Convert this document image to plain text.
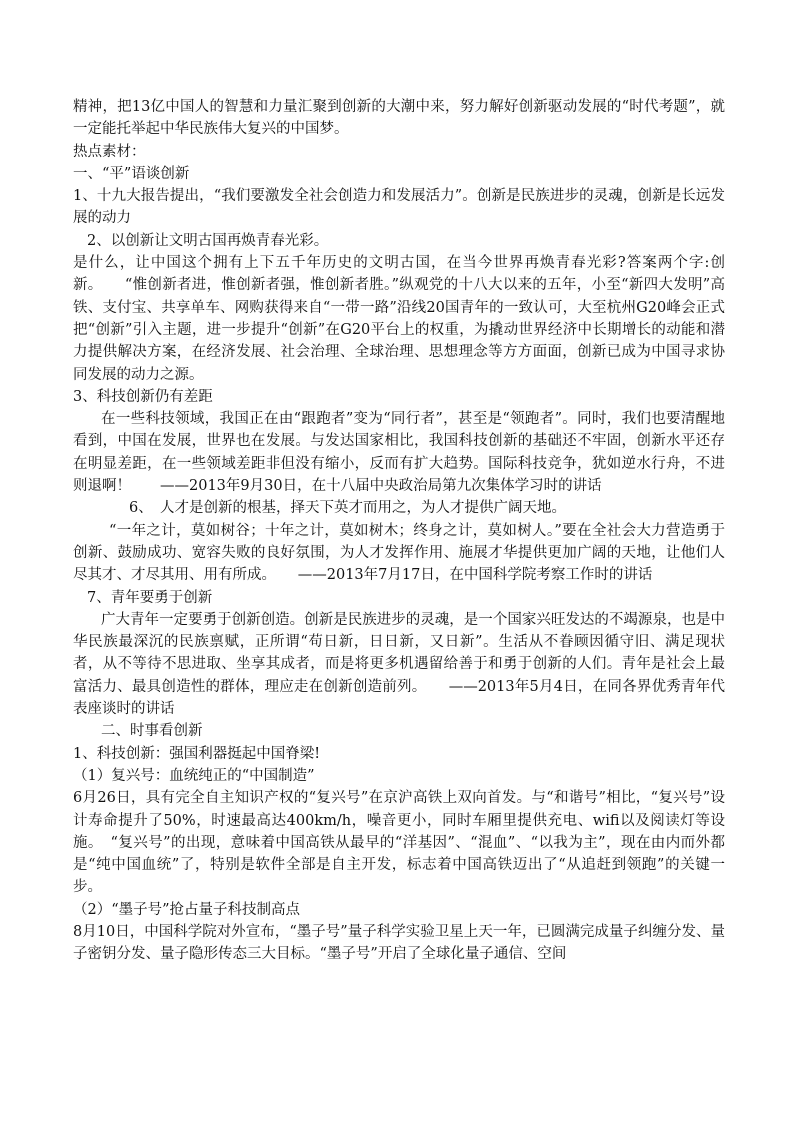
精神，把13亿中国人的智慧和力量汇聚到创新的大潮中来，努力解好创新驱动发展的“时代考题”，就一定能托举起中华民族伟大复兴的中国梦。

热点素材：

一、“平”语谈创新

1、十九大报告提出，“我们要激发全社会创造力和发展活力”。创新是民族进步的灵魂，创新是长远发展的动力

2、以创新让文明古国再焕青春光彩。

是什么，让中国这个拥有上下五千年历史的文明古国，在当今世界再焕青春光彩?答案两个字:创新。　　“惟创新者进，惟创新者强，惟创新者胜。”纵观党的十八大以来的五年，小至“新四大发明”高铁、支付宝、共享单车、网购获得来自“一带一路”沿线20国青年的一致认可，大至杭州G20峰会正式把“创新”引入主题，进一步提升“创新”在G20平台上的权重，为撬动世界经济中长期增长的动能和潜力提供解决方案，在经济发展、社会治理、全球治理、思想理念等方方面面，创新已成为中国寻求协同发展的动力之源。

3、科技创新仍有差距

在一些科技领域，我国正在由“跟跑者”变为“同行者”，甚至是“领跑者”。同时，我们也要清醒地看到，中国在发展，世界也在发展。与发达国家相比，我国科技创新的基础还不牢固，创新水平还存在明显差距，在一些领域差距非但没有缩小，反而有扩大趋势。国际科技竞争，犹如逆水行舟，不进则退啊！　　——2013年9月30日，在十八届中央政治局第九次集体学习时的讲话

6、　人才是创新的根基，择天下英才而用之，为人才提供广阔天地。

“一年之计，莫如树谷；十年之计，莫如树木；终身之计，莫如树人。”要在全社会大力营造勇于创新、鼓励成功、宽容失败的良好氛围，为人才发挥作用、施展才华提供更加广阔的天地，让他们人尽其才、才尽其用、用有所成。　　——2013年7月17日，在中国科学院考察工作时的讲话

7、青年要勇于创新

广大青年一定要勇于创新创造。创新是民族进步的灵魂，是一个国家兴旺发达的不竭源泉，也是中华民族最深沉的民族禀赋，正所谓“苟日新，日日新，又日新”。生活从不眷顾因循守旧、满足现状者，从不等待不思进取、坐享其成者，而是将更多机遇留给善于和勇于创新的人们。青年是社会上最富活力、最具创造性的群体，理应走在创新创造前列。　　——2013年5月4日，在同各界优秀青年代表座谈时的讲话

二、时事看创新

1、科技创新：强国利器挺起中国脊梁!

（1）复兴号：血统纯正的“中国制造”

6月26日，具有完全自主知识产权的“复兴号”在京沪高铁上双向首发。与“和谐号”相比，“复兴号”设计寿命提升了50%，时速最高达400km/h，噪音更小，同时车厢里提供充电、wifi以及阅读灯等设施。　“复兴号”的出现，意味着中国高铁从最早的“洋基因”、“混血”、“以我为主”，现在由内而外都是“纯中国血统”了，特别是软件全部是自主开发，标志着中国高铁迈出了“从追赶到领跑”的关键一步。

（2）“墨子号”抢占量子科技制高点

8月10日，中国科学院对外宣布，“墨子号”量子科学实验卫星上天一年，已圆满完成量子纠缠分发、量子密钥分发、量子隐形传态三大目标。“墨子号”开启了全球化量子通信、空间
